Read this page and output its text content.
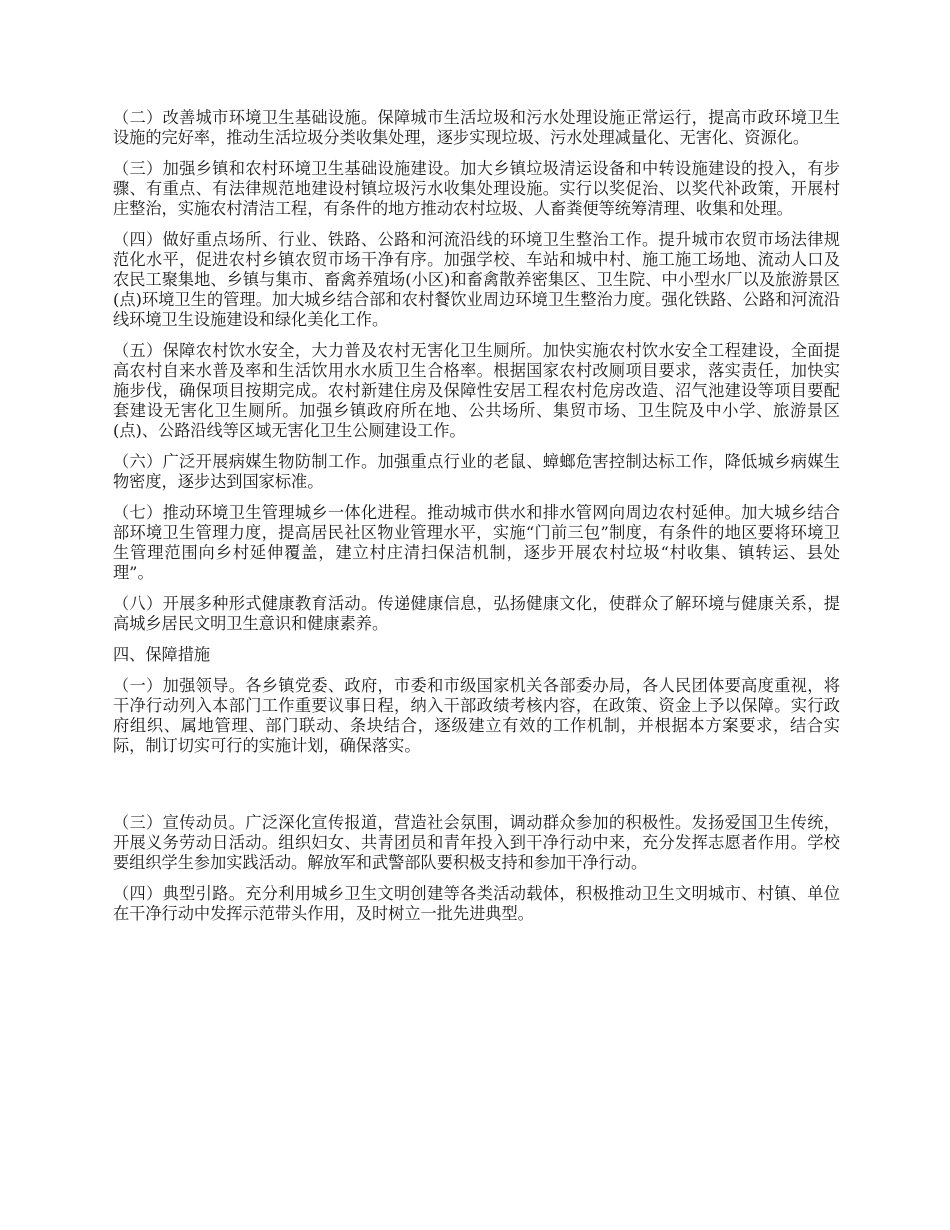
（二）改善城市环境卫生基础设施。保障城市生活垃圾和污水处理设施正常运行，提高市政环境卫生设施的完好率，推动生活垃圾分类收集处理，逐步实现垃圾、污水处理减量化、无害化、资源化。

（三）加强乡镇和农村环境卫生基础设施建设。加大乡镇垃圾清运设备和中转设施建设的投入，有步骤、有重点、有法律规范地建设村镇垃圾污水收集处理设施。实行以奖促治、以奖代补政策，开展村庄整治，实施农村清洁工程，有条件的地方推动农村垃圾、人畜粪便等统筹清理、收集和处理。

（四）做好重点场所、行业、铁路、公路和河流沿线的环境卫生整治工作。提升城市农贸市场法律规范化水平，促进农村乡镇农贸市场干净有序。加强学校、车站和城中村、施工施工场地、流动人口及农民工聚集地、乡镇与集市、畜禽养殖场(小区)和畜禽散养密集区、卫生院、中小型水厂以及旅游景区(点)环境卫生的管理。加大城乡结合部和农村餐饮业周边环境卫生整治力度。强化铁路、公路和河流沿线环境卫生设施建设和绿化美化工作。

（五）保障农村饮水安全，大力普及农村无害化卫生厕所。加快实施农村饮水安全工程建设，全面提高农村自来水普及率和生活饮用水水质卫生合格率。根据国家农村改厕项目要求，落实责任，加快实施步伐，确保项目按期完成。农村新建住房及保障性安居工程农村危房改造、沼气池建设等项目要配套建设无害化卫生厕所。加强乡镇政府所在地、公共场所、集贸市场、卫生院及中小学、旅游景区(点)、公路沿线等区域无害化卫生公厕建设工作。

（六）广泛开展病媒生物防制工作。加强重点行业的老鼠、蟑螂危害控制达标工作，降低城乡病媒生物密度，逐步达到国家标准。

（七）推动环境卫生管理城乡一体化进程。推动城市供水和排水管网向周边农村延伸。加大城乡结合部环境卫生管理力度，提高居民社区物业管理水平，实施“门前三包”制度，有条件的地区要将环境卫生管理范围向乡村延伸覆盖，建立村庄清扫保洁机制，逐步开展农村垃圾“村收集、镇转运、县处理”。

（八）开展多种形式健康教育活动。传递健康信息，弘扬健康文化，使群众了解环境与健康关系，提高城乡居民文明卫生意识和健康素养。

四、保障措施

（一）加强领导。各乡镇党委、政府，市委和市级国家机关各部委办局，各人民团体要高度重视，将干净行动列入本部门工作重要议事日程，纳入干部政绩考核内容，在政策、资金上予以保障。实行政府组织、属地管理、部门联动、条块结合，逐级建立有效的工作机制，并根据本方案要求，结合实际，制订切实可行的实施计划，确保落实。

（三）宣传动员。广泛深化宣传报道，营造社会氛围，调动群众参加的积极性。发扬爱国卫生传统，开展义务劳动日活动。组织妇女、共青团员和青年投入到干净行动中来，充分发挥志愿者作用。学校要组织学生参加实践活动。解放军和武警部队要积极支持和参加干净行动。

（四）典型引路。充分利用城乡卫生文明创建等各类活动载体，积极推动卫生文明城市、村镇、单位在干净行动中发挥示范带头作用，及时树立一批先进典型。
